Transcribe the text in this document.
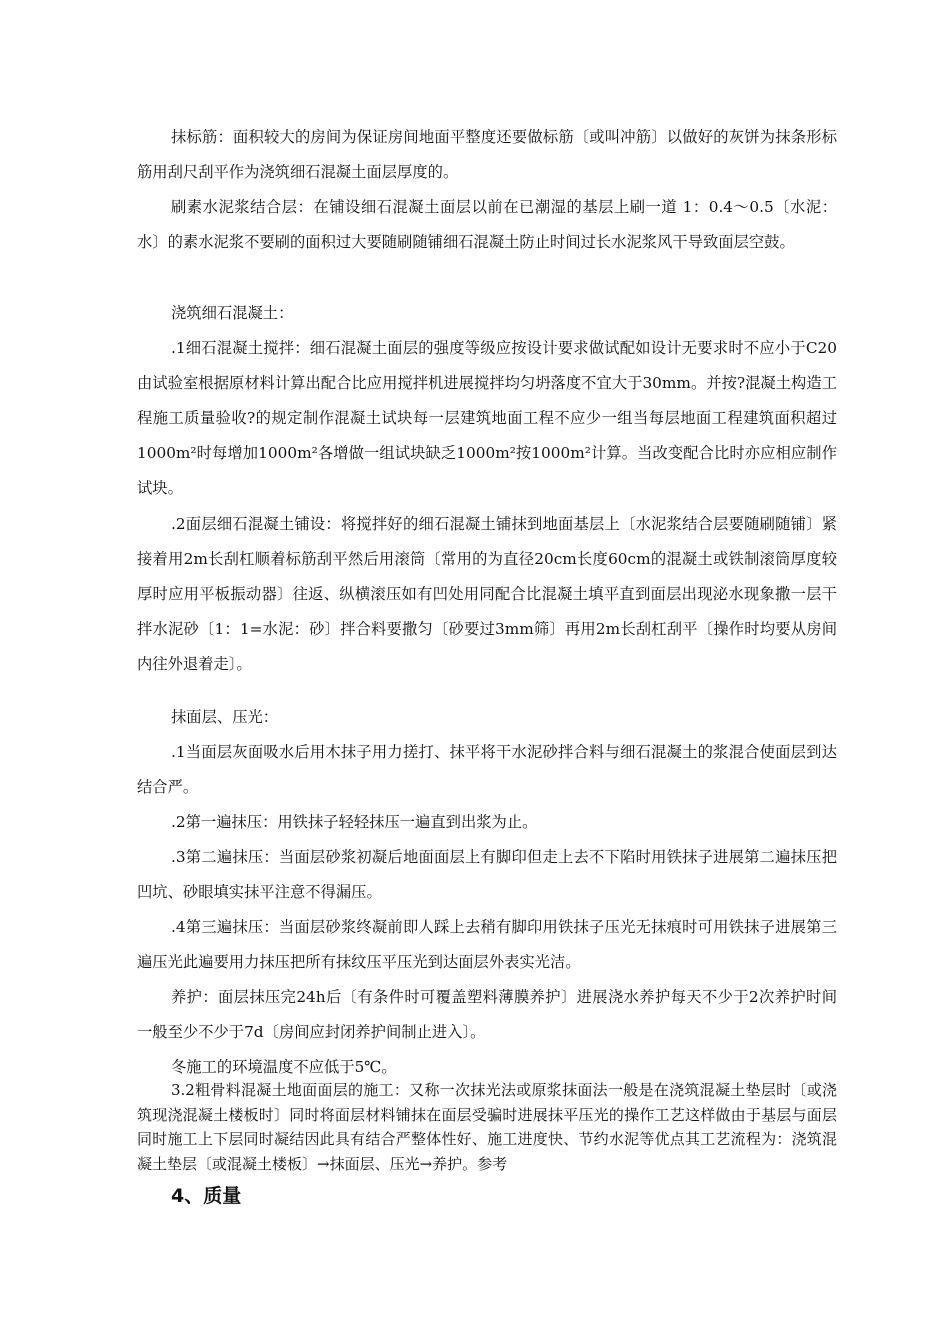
抹标筋：面积较大的房间为保证房间地面平整度还要做标筋〔或叫冲筋〕以做好的灰饼为抹条形标筋用刮尺刮平作为浇筑细石混凝土面层厚度的。

刷素水泥浆结合层：在铺设细石混凝土面层以前在已潮湿的基层上刷一道 1：0.4～0.5〔水泥：水〕的素水泥浆不要刷的面积过大要随刷随铺细石混凝土防止时间过长水泥浆风干导致面层空鼓。

浇筑细石混凝土：

.1细石混凝土搅拌：细石混凝土面层的强度等级应按设计要求做试配如设计无要求时不应小于C20由试验室根据原材料计算出配合比应用搅拌机进展搅拌均匀坍落度不宜大于30mm。并按?混凝土构造工程施工质量验收?的规定制作混凝土试块每一层建筑地面工程不应少一组当每层地面工程建筑面积超过1000m²时每增加1000m²各增做一组试块缺乏1000m²按1000m²计算。当改变配合比时亦应相应制作试块。

.2面层细石混凝土铺设：将搅拌好的细石混凝土铺抹到地面基层上〔水泥浆结合层要随刷随铺〕紧接着用2m长刮杠顺着标筋刮平然后用滚筒〔常用的为直径20cm长度60cm的混凝土或铁制滚筒厚度较厚时应用平板振动器〕往返、纵横滚压如有凹处用同配合比混凝土填平直到面层出现泌水现象撒一层干拌水泥砂〔1：1=水泥：砂〕拌合料要撒匀〔砂要过3mm筛〕再用2m长刮杠刮平〔操作时均要从房间内往外退着走〕。

抹面层、压光：

.1当面层灰面吸水后用木抹子用力搓打、抹平将干水泥砂拌合料与细石混凝土的浆混合使面层到达结合严。

.2第一遍抹压：用铁抹子轻轻抹压一遍直到出浆为止。

.3第二遍抹压：当面层砂浆初凝后地面面层上有脚印但走上去不下陷时用铁抹子进展第二遍抹压把凹坑、砂眼填实抹平注意不得漏压。

.4第三遍抹压：当面层砂浆终凝前即人踩上去稍有脚印用铁抹子压光无抹痕时可用铁抹子进展第三遍压光此遍要用力抹压把所有抹纹压平压光到达面层外表实光洁。

养护：面层抹压完24h后〔有条件时可覆盖塑料薄膜养护〕进展浇水养护每天不少于2次养护时间一般至少不少于7d〔房间应封闭养护间制止进入〕。

冬施工的环境温度不应低于5℃。

3.2粗骨料混凝土地面面层的施工：又称一次抹光法或原浆抹面法一般是在浇筑混凝土垫层时〔或浇筑现浇混凝土楼板时〕同时将面层材料铺抹在面层受骗时进展抹平压光的操作工艺这样做由于基层与面层同时施工上下层同时凝结因此具有结合严整体性好、施工进度快、节约水泥等优点其工艺流程为：浇筑混凝土垫层〔或混凝土楼板〕→抹面层、压光→养护。参考

4、质量
